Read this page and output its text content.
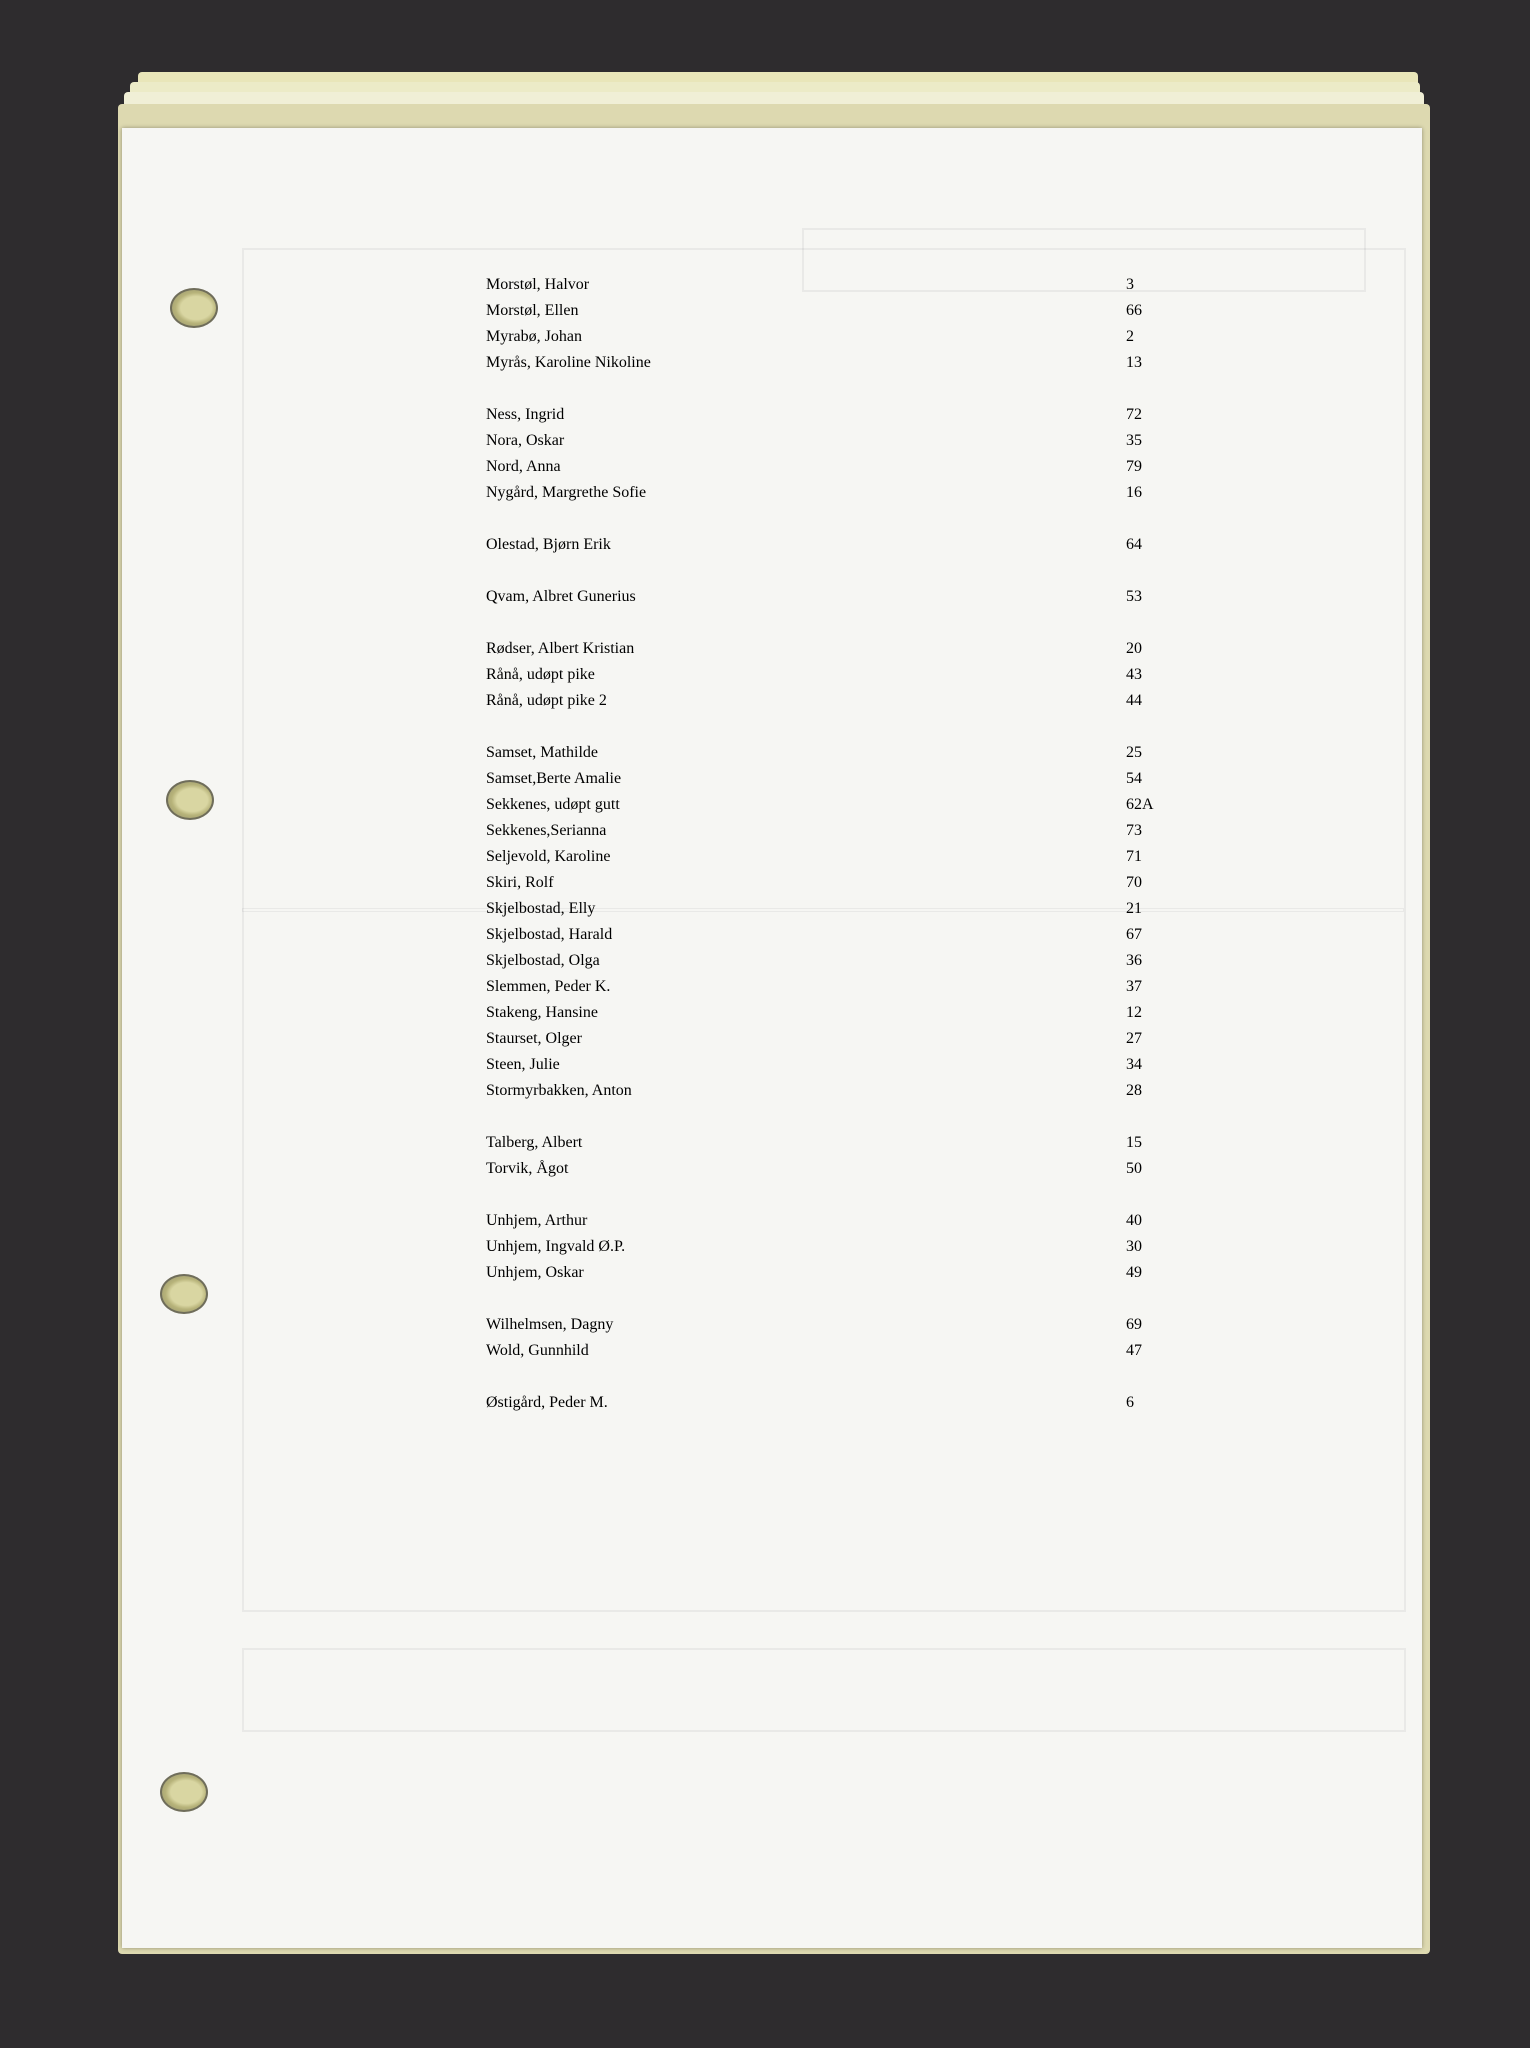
Morstøl, Halvor	3
Morstøl, Ellen	66
Myrabø, Johan	2
Myrås, Karoline Nikoline	13
Ness, Ingrid	72
Nora, Oskar	35
Nord, Anna	79
Nygård, Margrethe Sofie	16
Olestad, Bjørn Erik	64
Qvam, Albret Gunerius	53
Rødser, Albert Kristian	20
Rånå, udøpt pike	43
Rånå, udøpt pike 2	44
Samset, Mathilde	25
Samset,Berte Amalie	54
Sekkenes, udøpt gutt	62A
Sekkenes,Serianna	73
Seljevold, Karoline	71
Skiri, Rolf	70
Skjelbostad, Elly	21
Skjelbostad, Harald	67
Skjelbostad, Olga	36
Slemmen, Peder K.	37
Stakeng, Hansine	12
Staurset, Olger	27
Steen, Julie	34
Stormyrbakken, Anton	28
Talberg, Albert	15
Torvik, Ågot	50
Unhjem, Arthur	40
Unhjem, Ingvald Ø.P.	30
Unhjem, Oskar	49
Wilhelmsen, Dagny	69
Wold, Gunnhild	47
Østigård, Peder M.	6
